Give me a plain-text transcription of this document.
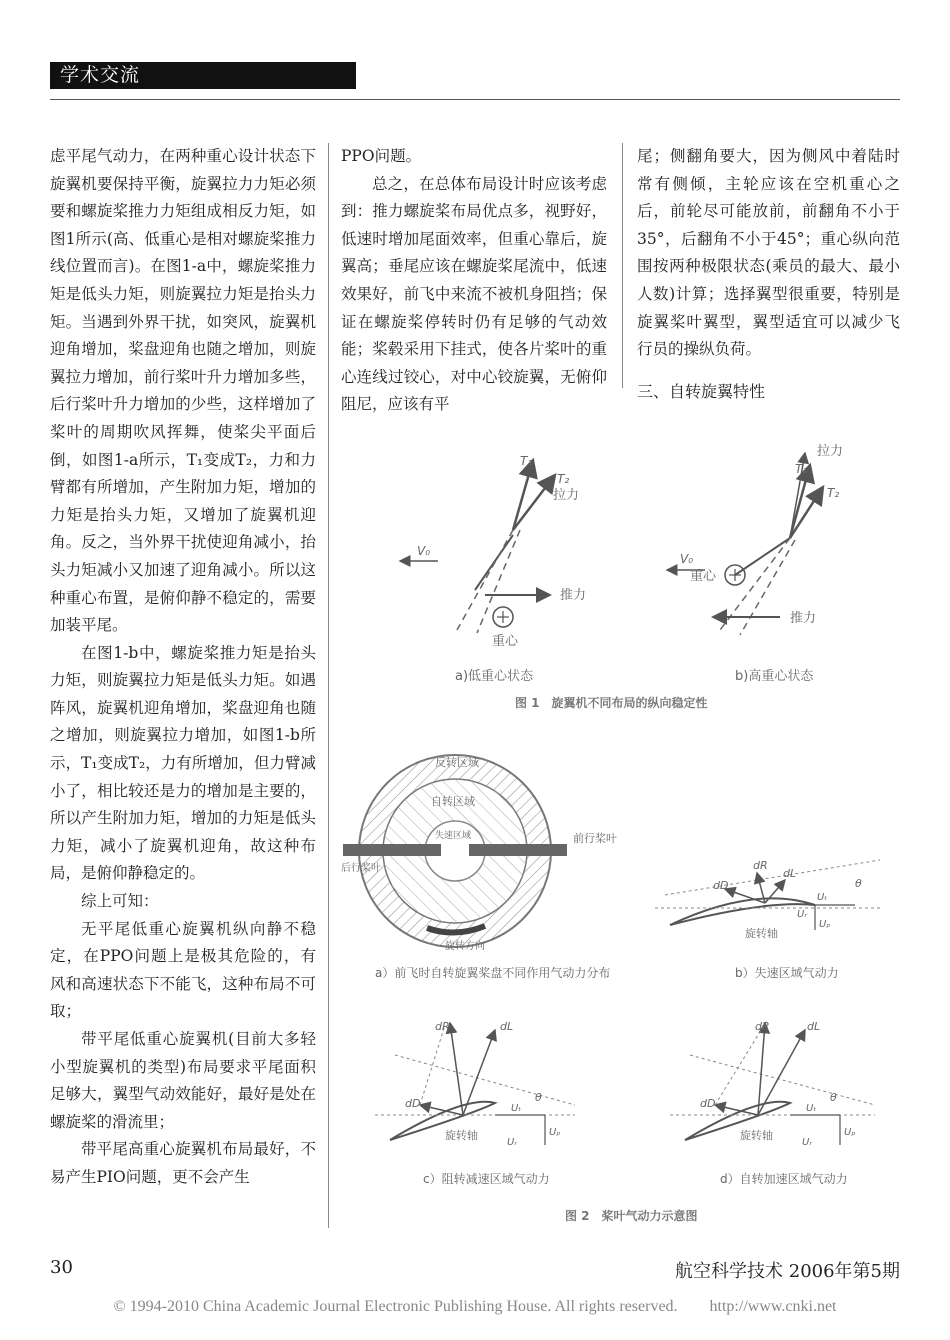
学术交流

虑平尾气动力，在两种重心设计状态下旋翼机要保持平衡，旋翼拉力力矩必须要和螺旋桨推力力矩组成相反力矩，如图1所示(高、低重心是相对螺旋桨推力线位置而言)。在图1-a中，螺旋桨推力矩是低头力矩，则旋翼拉力矩是抬头力矩。当遇到外界干扰，如突风，旋翼机迎角增加，桨盘迎角也随之增加，则旋翼拉力增加，前行桨叶升力增加多些，后行桨叶升力增加的少些，这样增加了桨叶的周期吹风挥舞，使桨尖平面后倒，如图1-a所示，T₁变成T₂，力和力臂都有所增加，产生附加力矩，增加的力矩是抬头力矩，又增加了旋翼机迎角。反之，当外界干扰使迎角减小，抬头力矩减小又加速了迎角减小。所以这种重心布置，是俯仰静不稳定的，需要加装平尾。

在图1-b中，螺旋桨推力矩是抬头力矩，则旋翼拉力矩是低头力矩。如遇阵风，旋翼机迎角增加，桨盘迎角也随之增加，则旋翼拉力增加，如图1-b所示，T₁变成T₂，力有所增加，但力臂减小了，相比较还是力的增加是主要的，所以产生附加力矩，增加的力矩是低头力矩，减小了旋翼机迎角，故这种布局，是俯仰静稳定的。

综上可知：

无平尾低重心旋翼机纵向静不稳定，在PPO问题上是极其危险的，有风和高速状态下不能飞，这种布局不可取；

带平尾低重心旋翼机(目前大多轻小型旋翼机的类型)布局要求平尾面积足够大，翼型气动效能好，最好是处在螺旋桨的滑流里；

带平尾高重心旋翼机布局最好，不易产生PIO问题，更不会产生

PPO问题。

总之，在总体布局设计时应该考虑到：推力螺旋桨布局优点多，视野好，低速时增加尾面效率，但重心靠后，旋翼高；垂尾应该在螺旋桨尾流中，低速效果好，前飞中来流不被机身阻挡；保证在螺旋桨停转时仍有足够的气动效能；桨毂采用下挂式，使各片桨叶的重心连线过铰心，对中心铰旋翼，无俯仰阻尼，应该有平

尾；侧翻角要大，因为侧风中着陆时常有侧倾，主轮应该在空机重心之后，前轮尽可能放前，前翻角不小于35°，后翻角不小于45°；重心纵向范围按两种极限状态(乘员的最大、最小人数)计算；选择翼型很重要，特别是旋翼桨叶翼型，翼型适宜可以减少飞行员的操纵负荷。

三、自转旋翼特性

T₁
T₂
拉力
推力
重心
V₀
a)低重心状态
拉力
T₁
T₂
推力
重心
V₀
b)高重心状态
图 1　旋翼机不同布局的纵向稳定性
反转区域
自转区域
失速区域	前行桨叶
后行桨叶
旋转方向
a）前飞时自转旋翼桨盘不同作用气动力分布
dD
dR
dL
Uₜ
Uₚ
Uᵣ
θ
旋转轴
b）失速区域气动力
dR	dL
dD	Uₜ
Uₚ
Uᵣ
θ
旋转轴
c）阻转减速区域气动力
dR	dL
dD	Uₜ
Uₚ
Uᵣ
θ
旋转轴
d）自转加速区域气动力
图 2　桨叶气动力示意图
30	航空科学技术 2006年第5期
© 1994-2010 China Academic Journal Electronic Publishing House. All rights reserved.　　http://www.cnki.net
